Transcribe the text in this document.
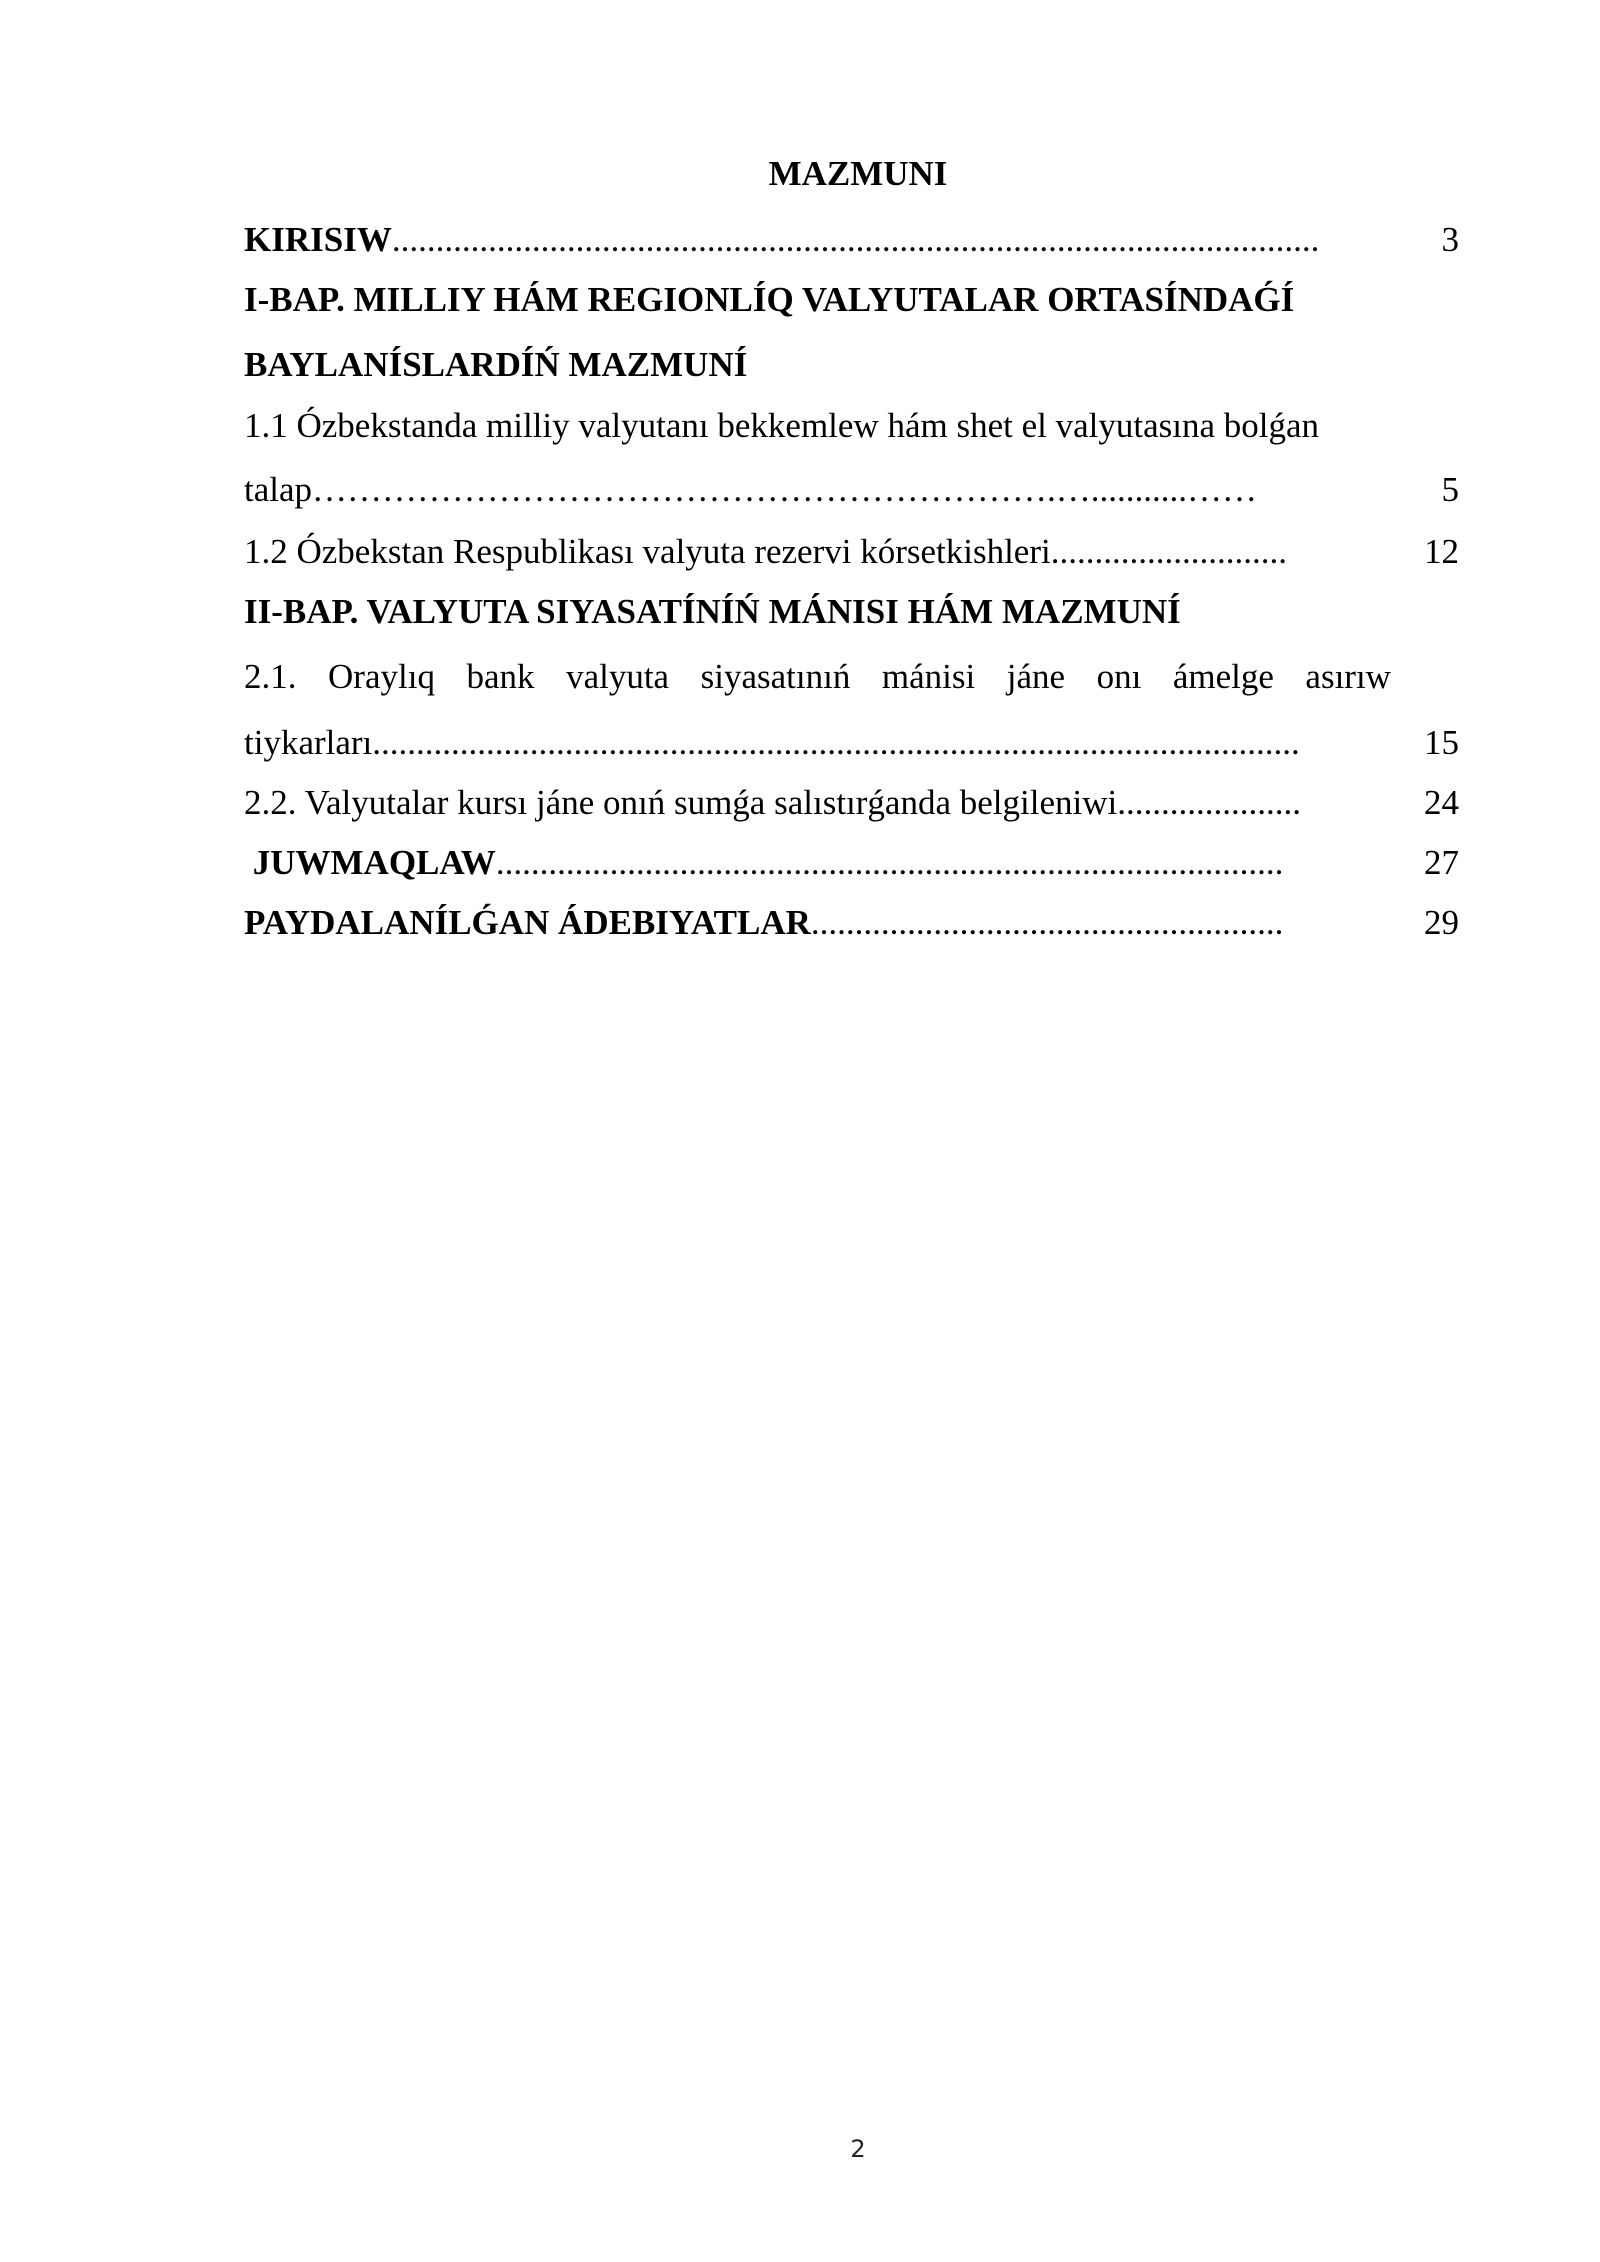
MAZMUNI
KIRISIW..........................................................................................................	3
I-BAP. MILLIY HÁM REGIONLÍQ VALYUTALAR ORTASÍNDAǴÍ
BAYLANÍSLARDÍŃ MAZMUNÍ
1.1 Ózbekstanda milliy valyutanı bekkemlew hám shet el valyutasına bolǵan
talap……………………………………………………….…...........……	5
1.2 Ózbekstan Respublikası valyuta rezervi kórsetkishleri...........................	12
II-BAP. VALYUTA SIYASATÍNÍŃ MÁNISI HÁM MAZMUNÍ
2.1. Oraylıq bank valyuta siyasatınıń mánisi jáne onı ámelge asırıw
tiykarları..........................................................................................................	15
2.2. Valyutalar kursı jáne onıń sumǵa salıstırǵanda belgileniwi.....................	24
JUWMAQLAW..........................................................................................	27
PAYDALANÍLǴAN ÁDEBIYATLAR......................................................	29
2
